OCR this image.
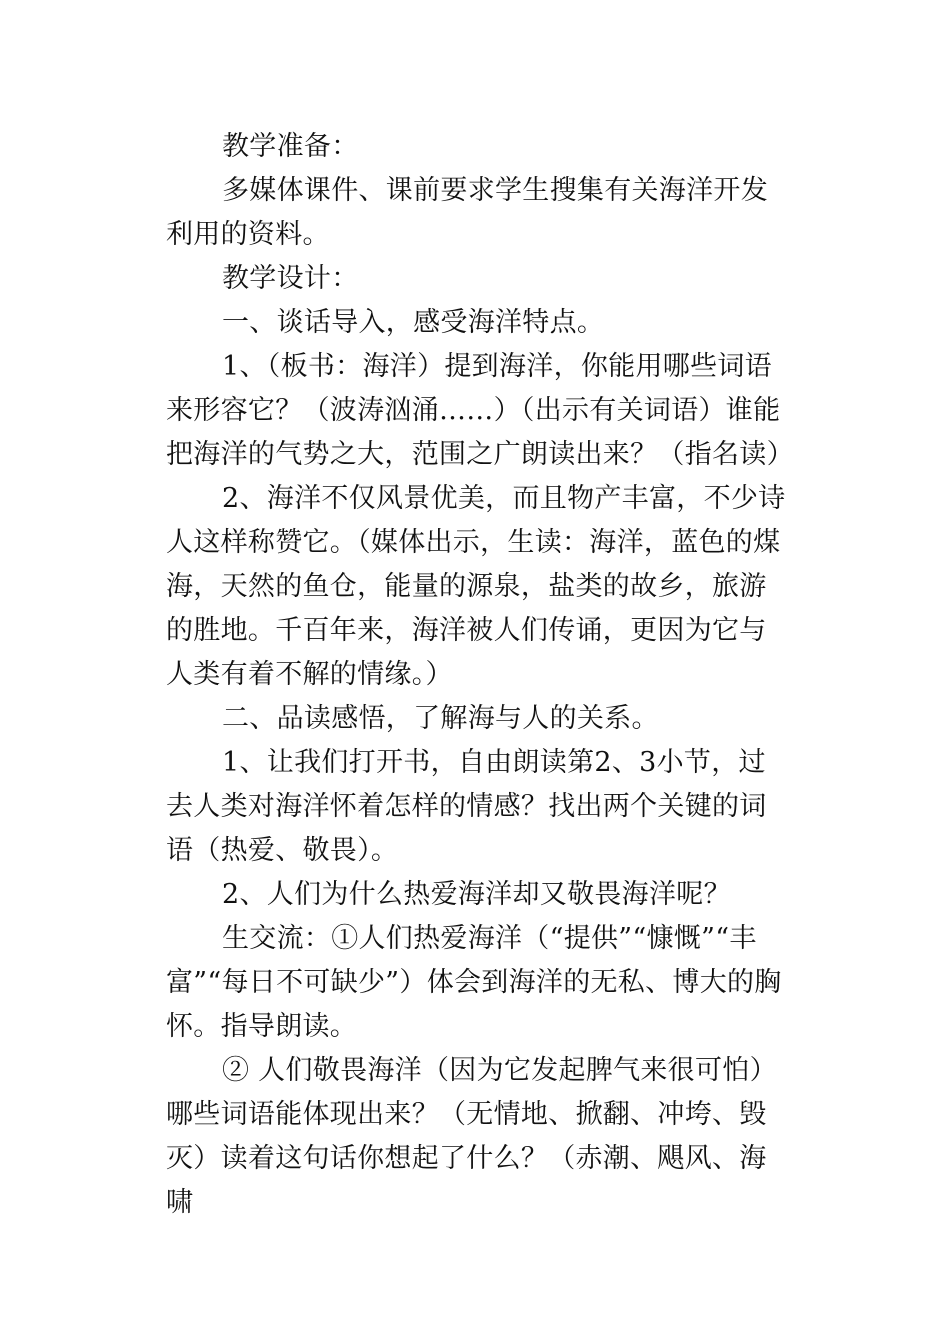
教学准备：

多媒体课件、课前要求学生搜集有关海洋开发利用的资料。

教学设计：

一、谈话导入，感受海洋特点。

1、（板书：海洋）提到海洋，你能用哪些词语来形容它？（波涛汹涌……）（出示有关词语）谁能把海洋的气势之大，范围之广朗读出来？（指名读）

2、海洋不仅风景优美，而且物产丰富，不少诗人这样称赞它。（媒体出示，生读：海洋，蓝色的煤海，天然的鱼仓，能量的源泉，盐类的故乡，旅游的胜地。千百年来，海洋被人们传诵，更因为它与人类有着不解的情缘。）

二、品读感悟，了解海与人的关系。

1、让我们打开书，自由朗读第2、3小节，过去人类对海洋怀着怎样的情感？找出两个关键的词语（热爱、敬畏）。

2、人们为什么热爱海洋却又敬畏海洋呢？

生交流：①人们热爱海洋（“提供”“慷慨”“丰富”“每日不可缺少”）体会到海洋的无私、博大的胸怀。指导朗读。

② 人们敬畏海洋（因为它发起脾气来很可怕）哪些词语能体现出来？（无情地、掀翻、冲垮、毁灭）读着这句话你想起了什么？（赤潮、飓风、海啸
